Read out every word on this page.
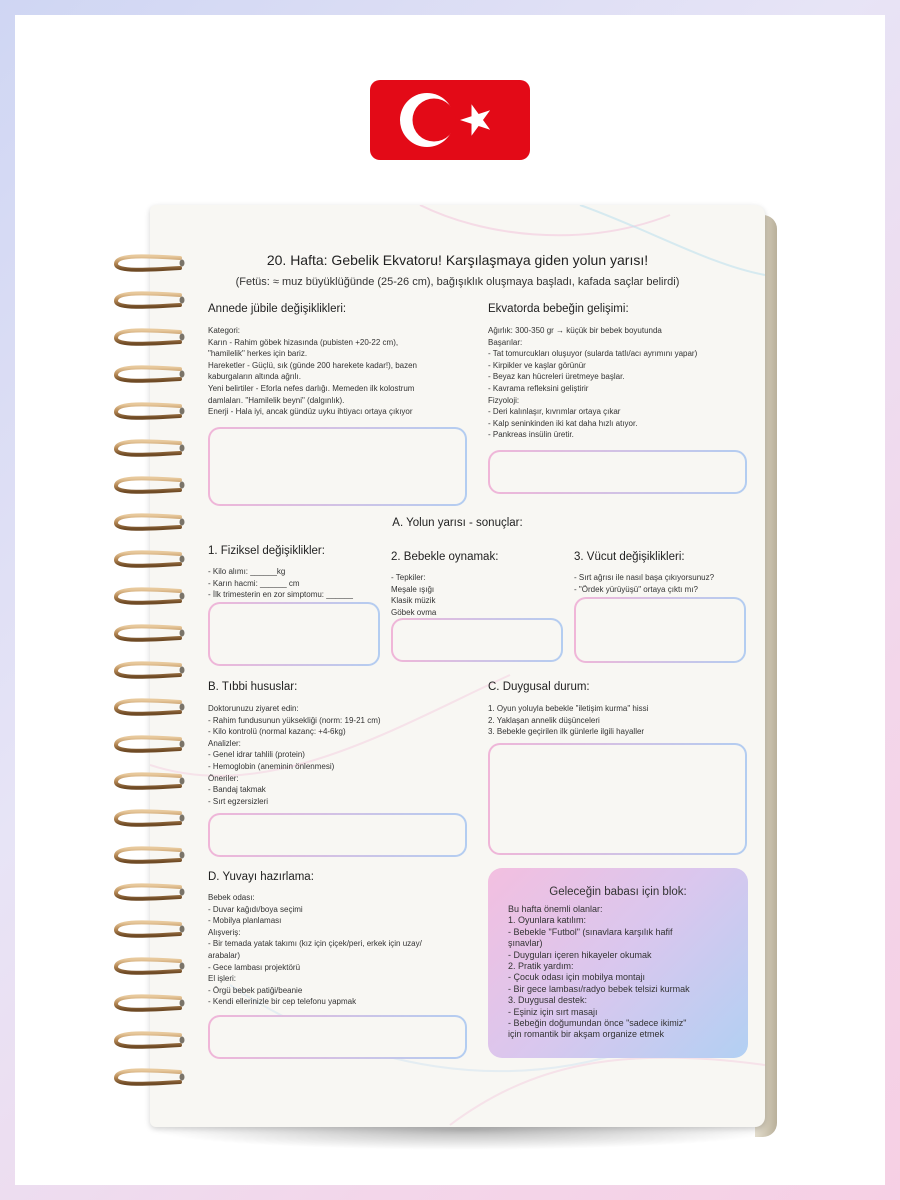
20. Hafta: Gebelik Ekvatoru! Karşılaşmaya giden yolun yarısı!
(Fetüs: ≈ muz büyüklüğünde (25-26 cm), bağışıklık oluşmaya başladı, kafada saçlar belirdi)
Annede jübile değişiklikleri:
Kategori:
Karın - Rahim göbek hizasında (pubisten +20-22 cm),
"hamilelik" herkes için bariz.
Hareketler - Güçlü, sık (günde 200 harekete kadar!), bazen
kaburgaların altında ağrılı.
Yeni belirtiler - Eforla nefes darlığı. Memeden ilk kolostrum
damlaları. "Hamilelik beyni" (dalgınlık).
Enerji - Hala iyi, ancak gündüz uyku ihtiyacı ortaya çıkıyor
Ekvatorda bebeğin gelişimi:
Ağırlık: 300-350 gr → küçük bir bebek boyutunda
Başarılar:
- Tat tomurcukları oluşuyor (sularda tatlı/acı ayrımını yapar)
- Kirpikler ve kaşlar görünür
- Beyaz kan hücreleri üretmeye başlar.
- Kavrama refleksini geliştirir
Fizyoloji:
- Deri kalınlaşır, kıvrımlar ortaya çıkar
- Kalp seninkinden iki kat daha hızlı atıyor.
- Pankreas insülin üretir.
A. Yolun yarısı - sonuçlar:
1. Fiziksel değişiklikler:
- Kilo alımı: ______kg
- Karın hacmi: ______ cm
- İlk trimesterin en zor simptomu: ______
2. Bebekle oynamak:
- Tepkiler:
Meşale ışığı
Klasik müzik
Göbek ovma
3. Vücut değişiklikleri:
- Sırt ağrısı ile nasıl başa çıkıyorsunuz?
- "Ördek yürüyüşü" ortaya çıktı mı?
B. Tıbbi hususlar:
Doktorunuzu ziyaret edin:
- Rahim fundusunun yüksekliği (norm: 19-21 cm)
- Kilo kontrolü (normal kazanç: +4-6kg)
Analizler:
- Genel idrar tahlili (protein)
- Hemoglobin (aneminin önlenmesi)
Öneriler:
- Bandaj takmak
- Sırt egzersizleri
C. Duygusal durum:
1. Oyun yoluyla bebekle "iletişim kurma" hissi
2. Yaklaşan annelik düşünceleri
3. Bebekle geçirilen ilk günlerle ilgili hayaller
D. Yuvayı hazırlama:
Bebek odası:
- Duvar kağıdı/boya seçimi
- Mobilya planlaması
Alışveriş:
- Bir temada yatak takımı (kız için çiçek/peri, erkek için uzay/
arabalar)
- Gece lambası projektörü
El işleri:
- Örgü bebek patiği/beanie
- Kendi ellerinizle bir cep telefonu yapmak
Geleceğin babası için blok:
Bu hafta önemli olanlar:
1. Oyunlara katılım:
- Bebekle "Futbol" (sınavlara karşılık hafif
şınavlar)
- Duyguları içeren hikayeler okumak
2. Pratik yardım:
- Çocuk odası için mobilya montajı
- Bir gece lambası/radyo bebek telsizi kurmak
3. Duygusal destek:
- Eşiniz için sırt masajı
- Bebeğin doğumundan önce "sadece ikimiz"
için romantik bir akşam organize etmek
